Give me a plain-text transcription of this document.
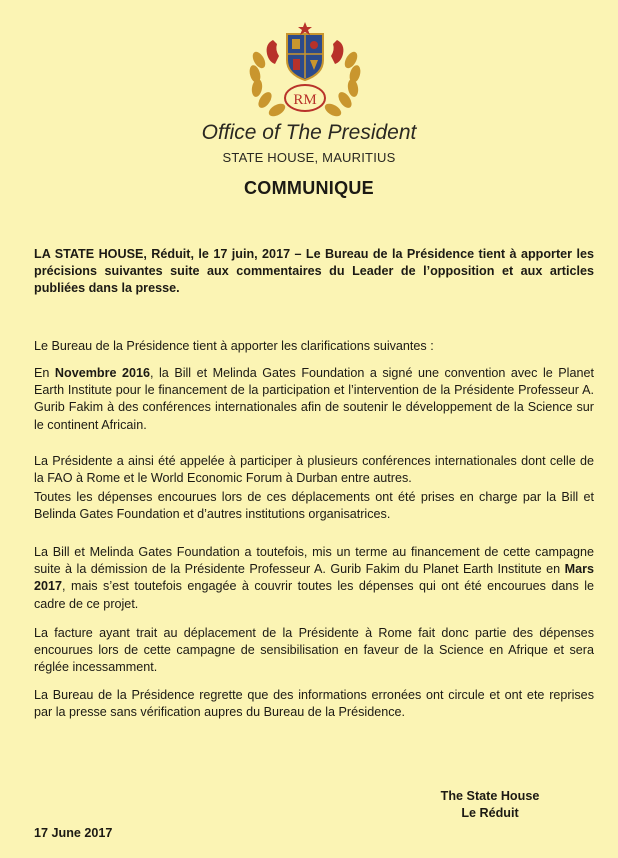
RM
Office of The President
STATE HOUSE, MAURITIUS
COMMUNIQUE
LA STATE HOUSE, Réduit, le 17 juin, 2017 – Le Bureau de la Présidence tient à apporter les précisions suivantes suite aux commentaires du Leader de l’opposition et aux articles publiées dans la presse.
Le Bureau de la Présidence tient à apporter les clarifications suivantes :
En Novembre 2016, la Bill et Melinda Gates Foundation a signé une convention avec le Planet Earth Institute pour le financement de la participation et l’intervention de la Présidente Professeur A. Gurib Fakim à des conférences internationales afin de soutenir le développement de la Science sur le continent Africain.
La Présidente a ainsi été appelée à participer à plusieurs conférences internationales dont celle de la FAO à Rome et le World Economic Forum à Durban entre autres.
Toutes les dépenses encourues lors de ces déplacements ont été prises en charge par la Bill et Belinda Gates Foundation et d’autres institutions organisatrices.
La Bill et Melinda Gates Foundation a toutefois, mis un terme au financement de cette campagne suite à la démission de la Présidente Professeur A. Gurib Fakim du Planet Earth Institute en Mars 2017, mais s’est toutefois engagée à couvrir toutes les dépenses qui ont été encourues dans le cadre de ce projet.
La facture ayant trait au déplacement de la Présidente à Rome fait donc partie des dépenses encourues lors de cette campagne de sensibilisation en faveur de la Science en Afrique et sera réglée incessamment.
La Bureau de la Présidence regrette que des informations erronées ont circule et ont ete reprises par la presse sans vérification aupres du Bureau de la Présidence.
The State House
Le Réduit
17 June 2017
